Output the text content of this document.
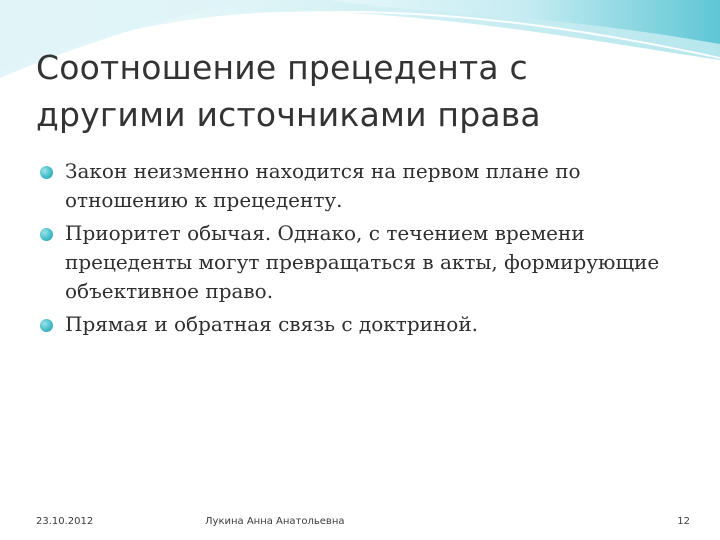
Соотношение прецедента с другими источниками права
Закон неизменно находится на первом плане по отношению к прецеденту.
Приоритет обычая. Однако, с течением времени прецеденты могут превращаться в акты, формирующие объективное право.
Прямая и обратная связь с доктриной.
23.10.2012	Лукина Анна Анатольевна	12
